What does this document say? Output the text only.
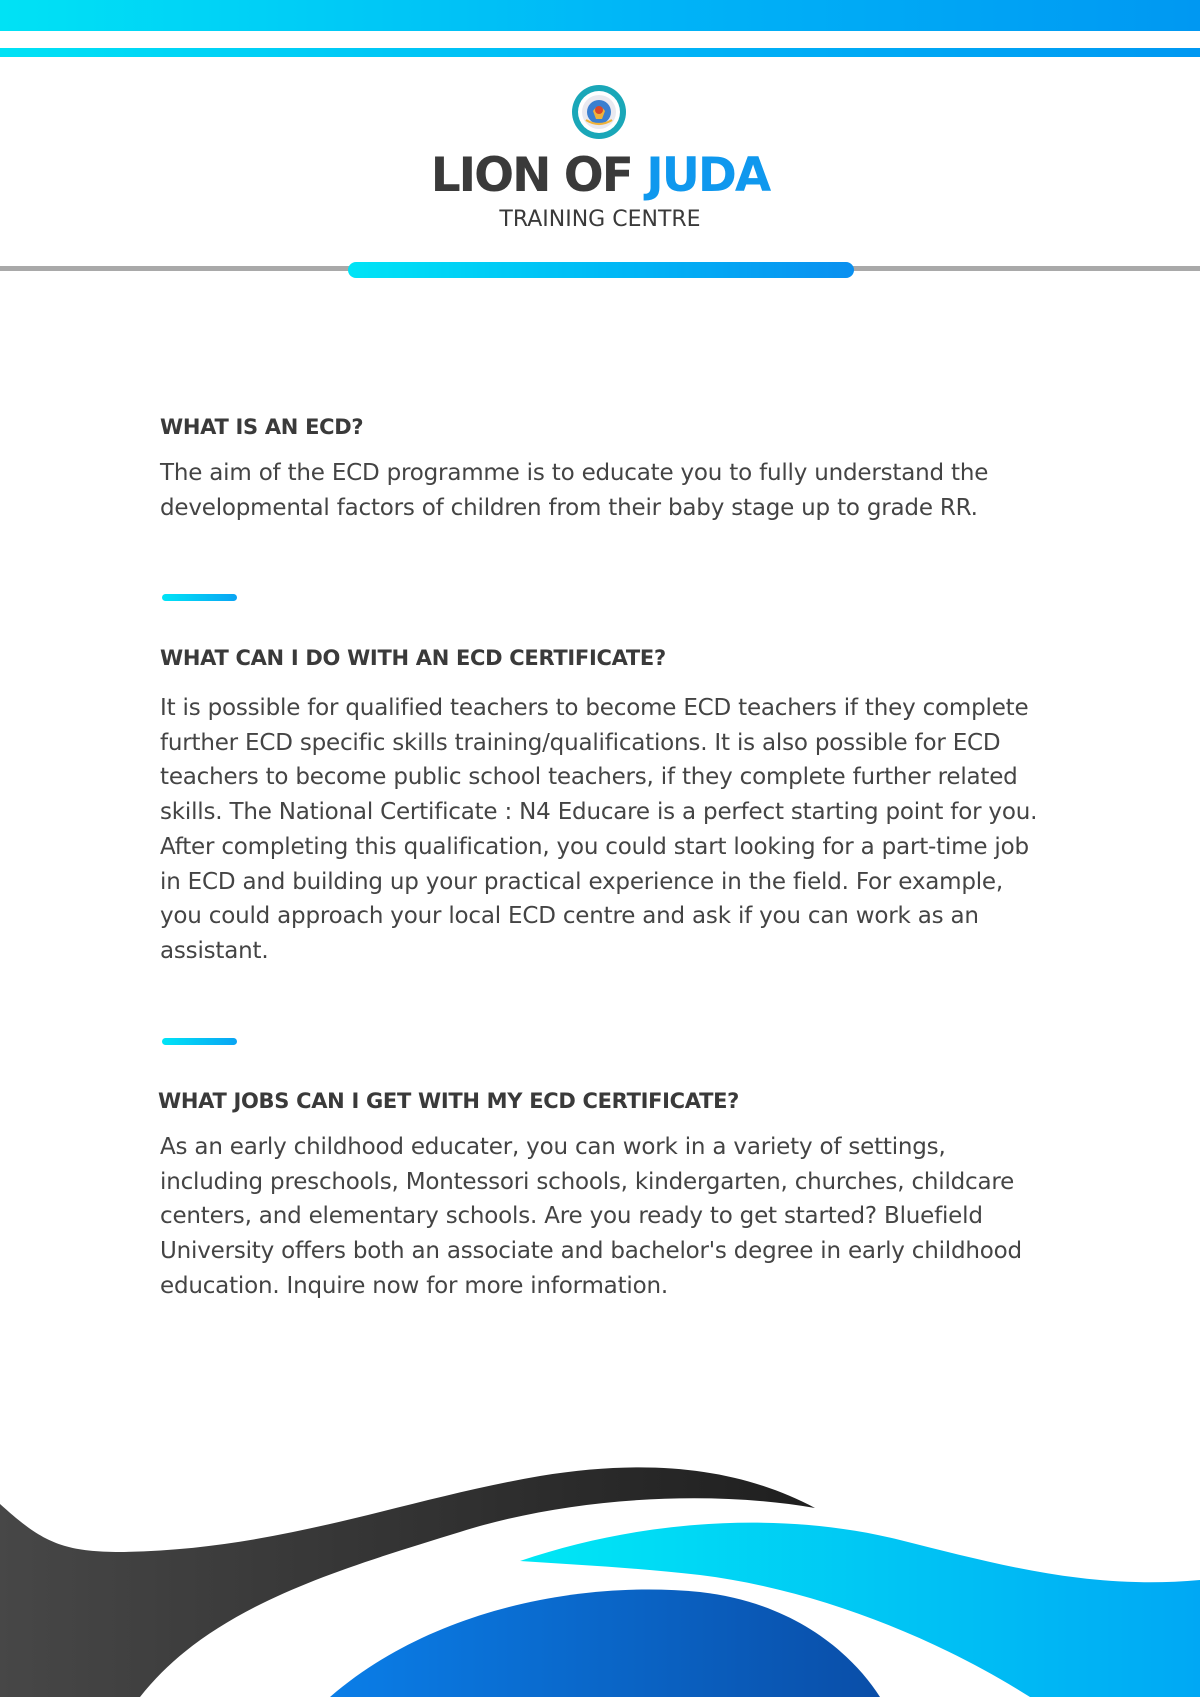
LION OF JUDA
TRAINING CENTRE
WHAT IS AN ECD?

The aim of the ECD programme is to educate you to fully understand the developmental factors of children from their baby stage up to grade RR.

WHAT CAN I DO WITH AN ECD CERTIFICATE?

It is possible for qualified teachers to become ECD teachers if they complete further ECD specific skills training/qualifications. It is also possible for ECD teachers to become public school teachers, if they complete further related skills. The National Certificate : N4 Educare is a perfect starting point for you. After completing this qualification, you could start looking for a part-time job in ECD and building up your practical experience in the field. For example, you could approach your local ECD centre and ask if you can work as an assistant.

WHAT JOBS CAN I GET WITH MY ECD CERTIFICATE?

As an early childhood educater, you can work in a variety of settings, including preschools, Montessori schools, kindergarten, churches, childcare centers, and elementary schools. Are you ready to get started? Bluefield University offers both an associate and bachelor's degree in early childhood education. Inquire now for more information.
